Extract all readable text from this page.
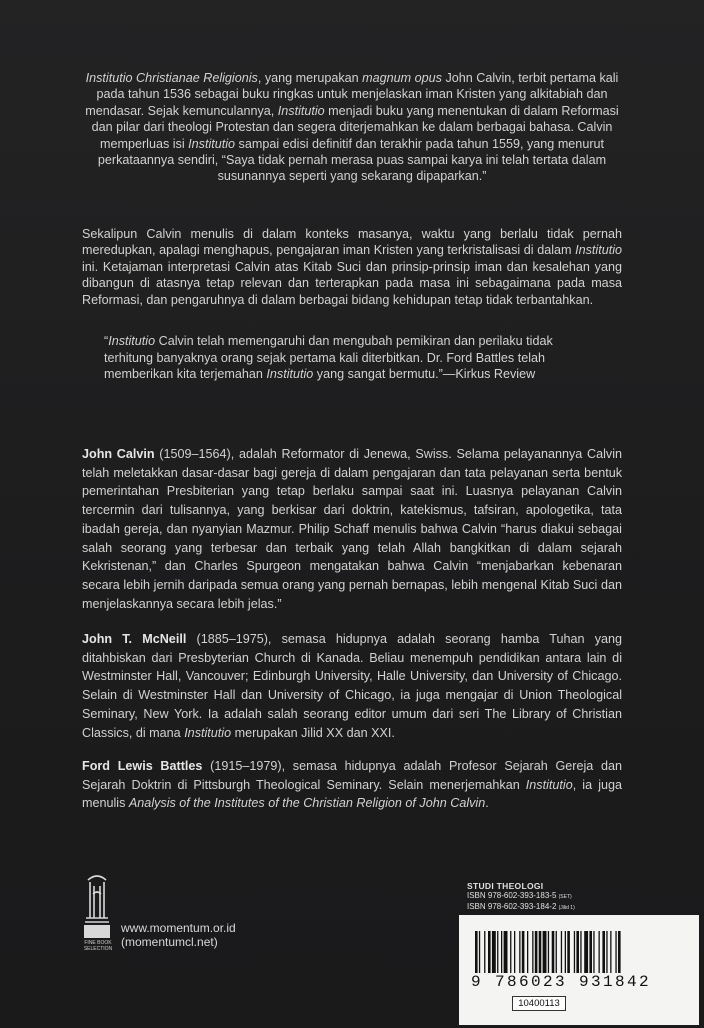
Institutio Christianae Religionis, yang merupakan magnum opus John Calvin, terbit pertama kali pada tahun 1536 sebagai buku ringkas untuk menjelaskan iman Kristen yang alkitabiah dan mendasar. Sejak kemunculannya, Institutio menjadi buku yang menentukan di dalam Reformasi dan pilar dari theologi Protestan dan segera diterjemahkan ke dalam berbagai bahasa. Calvin memperluas isi Institutio sampai edisi definitif dan terakhir pada tahun 1559, yang menurut perkataannya sendiri, “Saya tidak pernah merasa puas sampai karya ini telah tertata dalam susunannya seperti yang sekarang dipaparkan.”

Sekalipun Calvin menulis di dalam konteks masanya, waktu yang berlalu tidak pernah meredupkan, apalagi menghapus, pengajaran iman Kristen yang terkristalisasi di dalam Institutio ini. Ketajaman interpretasi Calvin atas Kitab Suci dan prinsip-prinsip iman dan kesalehan yang dibangun di atasnya tetap relevan dan terterapkan pada masa ini sebagaimana pada masa Reformasi, dan pengaruhnya di dalam berbagai bidang kehidupan tetap tidak terbantahkan.

“Institutio Calvin telah memengaruhi dan mengubah pemikiran dan perilaku tidak terhitung banyaknya orang sejak pertama kali diterbitkan. Dr. Ford Battles telah memberikan kita terjemahan Institutio yang sangat bermutu.”—Kirkus Review
John Calvin (1509–1564), adalah Reformator di Jenewa, Swiss. Selama pelayanannya Calvin telah meletakkan dasar-dasar bagi gereja di dalam pengajaran dan tata pelayanan serta bentuk pemerintahan Presbiterian yang tetap berlaku sampai saat ini. Luasnya pelayanan Calvin tercermin dari tulisannya, yang berkisar dari doktrin, katekismus, tafsiran, apologetika, tata ibadah gereja, dan nyanyian Mazmur. Philip Schaff menulis bahwa Calvin “harus diakui sebagai salah seorang yang terbesar dan terbaik yang telah Allah bangkitkan di dalam sejarah Kekristenan,” dan Charles Spurgeon mengatakan bahwa Calvin “menjabarkan kebenaran secara lebih jernih daripada semua orang yang pernah bernapas, lebih mengenal Kitab Suci dan menjelaskannya secara lebih jelas.”
John T. McNeill (1885–1975), semasa hidupnya adalah seorang hamba Tuhan yang ditahbiskan dari Presbyterian Church di Kanada. Beliau menempuh pendidikan antara lain di Westminster Hall, Vancouver; Edinburgh University, Halle University, dan University of Chicago. Selain di Westminster Hall dan University of Chicago, ia juga mengajar di Union Theological Seminary, New York. Ia adalah salah seorang editor umum dari seri The Library of Christian Classics, di mana Institutio merupakan Jilid XX dan XXI.
Ford Lewis Battles (1915–1979), semasa hidupnya adalah Profesor Sejarah Gereja dan Sejarah Doktrin di Pittsburgh Theological Seminary. Selain menerjemahkan Institutio, ia juga menulis Analysis of the Institutes of the Christian Religion of John Calvin.
FINE BOOK SELECTION
www.momentum.or.id
(momentumcl.net)
STUDI THEOLOGI
ISBN 978-602-393-183-5 (SET)
ISBN 978-602-393-184-2 (Jilid 1)
9 786023 931842
10400113
